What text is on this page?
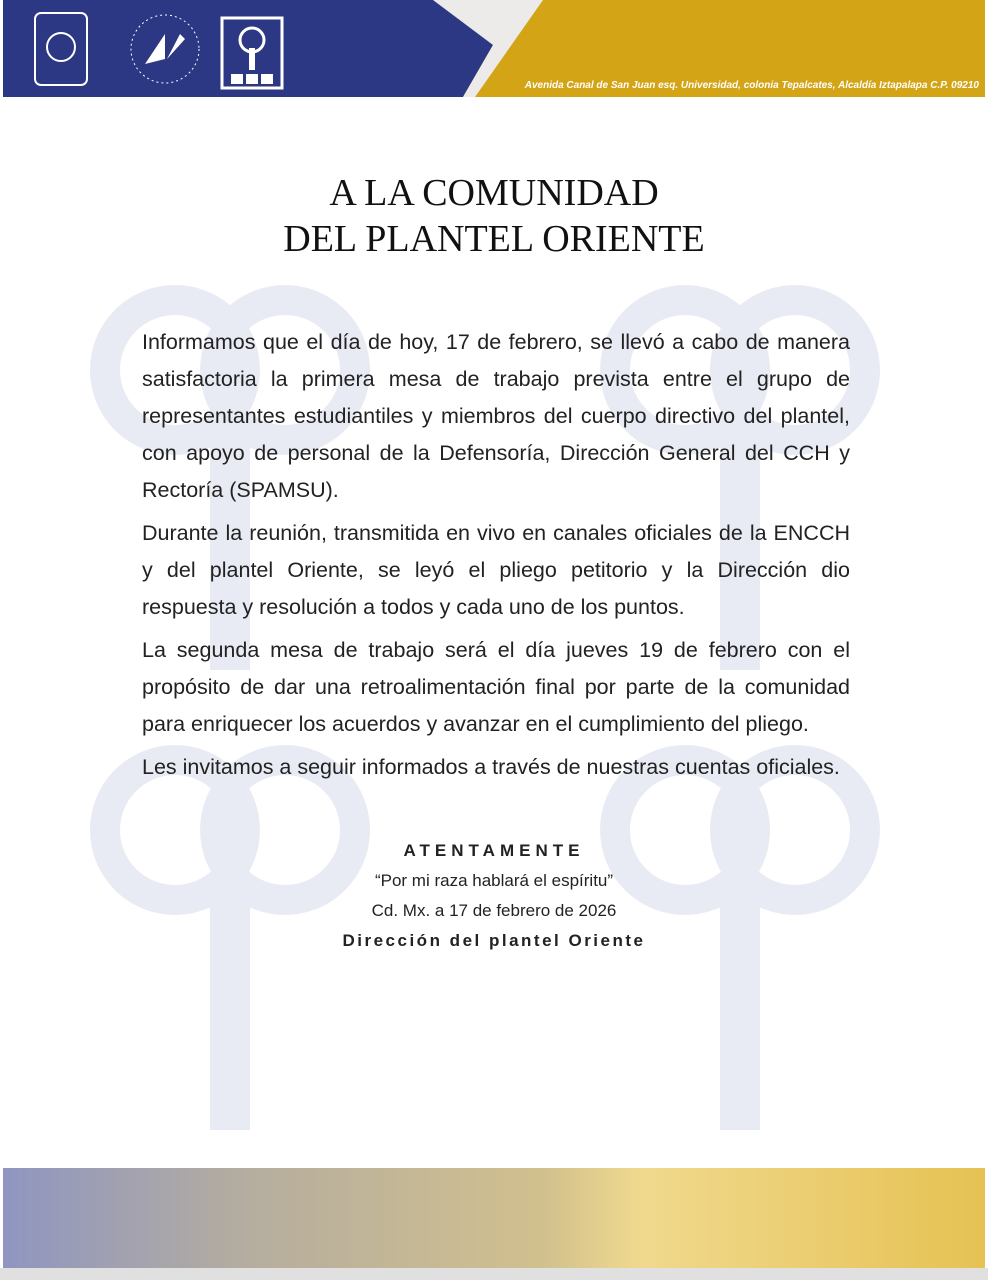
Avenida Canal de San Juan esq. Universidad, colonia Tepalcates, Alcaldía Iztapalapa C.P. 09210
A LA COMUNIDAD
DEL PLANTEL ORIENTE

Informamos que el día de hoy, 17 de febrero, se llevó a cabo de manera satisfactoria la primera mesa de trabajo prevista entre el grupo de representantes estudiantiles y miembros del cuerpo directivo del plantel, con apoyo de personal de la Defensoría, Dirección General del CCH y Rectoría (SPAMSU).

Durante la reunión, transmitida en vivo en canales oficiales de la ENCCH y del plantel Oriente, se leyó el pliego petitorio y la Dirección dio respuesta y resolución a todos y cada uno de los puntos.

La segunda mesa de trabajo será el día jueves 19 de febrero con el propósito de dar una retroalimentación final por parte de la comunidad para enriquecer los acuerdos y avanzar en el cumplimiento del pliego.

Les invitamos a seguir informados a través de nuestras cuentas oficiales.

ATENTAMENTE
“Por mi raza hablará el espíritu”
Cd. Mx. a 17 de febrero de 2026
Dirección del plantel Oriente
